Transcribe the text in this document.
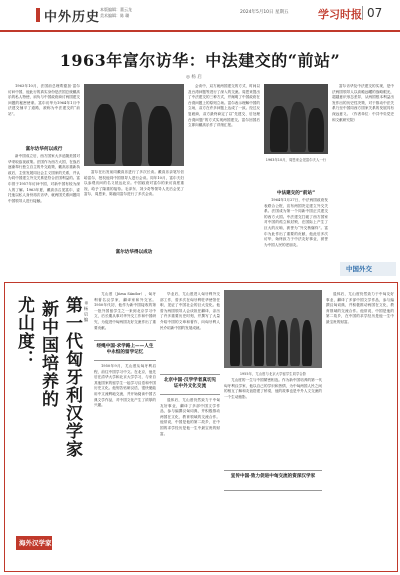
中外历史
本版编辑：董云龙
美术编辑：陈 璐
2024年5月10日 星期五	学习时报 07
1963年富尔访华：中法建交的“前站”
◎ 杨 启

1963年10月，法国前总理埃德加·富尔访问中国，他此行的真实身份是法国总统戴高乐的私人特使，肩负与中国政府商讨两国建交问题的秘密使命。富尔访华为1964年1月中法建交铺平了道路，被称为中法建交的“前站”。

富尔访华何以成行

新中国成立后，西方国家大多追随美国对华采取敌视政策。法国作为西方大国，在战后逐渐奉行独立自主的外交政策，戴高乐重新执政后，主张发展同社会主义国家的关系，并认为同中国建立外交关系是符合法国利益的。富尔曾于1957年访问中国，对新中国有较为深入的了解。1963年夏，戴高乐召见富尔，委托他以私人身份再次访华，就两国关系问题同中国领导人进行接触。

富尔在出发前同戴高乐进行了多次长谈。戴高乐亲笔写信给富尔，授权他同中国领导人进行会谈。同年10月，富尔夫妇以参观访问的名义抵达北京。中国政府对富尔的来访高度重视，给予了隆重的接待。毛泽东、刘少奇等领导人先后会见了富尔，周恩来、陈毅同富尔进行了多次会谈。

富尔访华得以成功

会谈中，双方就两国建交的方式、时间以及台湾问题等进行了深入的交流。周恩来提出了中法建交的三种方式，并阐明了中国政府在台湾问题上的原则立场。富尔表示理解中国的立场，双方在许多问题上达成了一致。经过反复磋商，双方最终商定了以“先建交、后处理台湾问题”的方式实现两国建交。富尔回国后立即向戴高乐作了详细汇报。

1963年10月，周恩来会见富尔夫人一行
中法建交的“前站”

1964年1月27日，中法两国政府发表联合公报，宣布两国决定建立外交关系。法国成为第一个同新中国正式建交的西方大国。中法建交打破了西方国家对中国的孤立和封锁，在国际上产生了巨大的反响，被誉为“外交核爆炸”。富尔为此作出了重要的贡献，他此后多次访华，始终致力于中法友好事业，被誉为中国人民的老朋友。

富尔访华及中法建交的实现，是中法两国领导人以高瞻远瞩的战略眼光，超越意识形态差异，从两国根本利益出发作出的历史性决策，对于推动中法关系乃至中国同西方国家关系的发展具有深远意义。（作者单位：中共中央党史和文献研究院）

中国外交
第一代匈牙利汉学家
新中国培养的
尤山度：	◎ 杨 启 编
海外汉学家

尤山度（Józsa Sándor），匈牙利著名汉学家、翻译家和外交官。1950年代初，他作为新中国接收的第一批外国留学生之一来到北京学习中文，后长期从事对华外交工作和中国研究，为促进中匈两国友好交流作出了重要贡献。

经绳中国·求学路上——人生中永恒的留学记忆

1950年9月，尤山度从匈牙利启程，前往中国学习中文。在北京，他先后在清华大学和北京大学学习，与来自其他国家的留学生一起学习汉语和中国历史文化。他刻苦钻研汉语，很快便能用中文流利地交流，并开始阅读中国古典文学作品，对中国文化产生了浓厚的兴趣。

毕业后，尤山度进入匈牙利外交部工作，曾多次在匈牙利驻华使馆任职，见证了中国社会的巨大变化。他曾为两国领导人会谈担任翻译，亲历了许多重要历史时刻，并撰写了大量介绍中国的文章和著作，向匈牙利人民介绍新中国的发展成就。

北京中国·汉学学者真切见证中外文化交流

退休后，尤山度仍然致力于中匈友好事业，翻译了多部中国文学作品，参与编撰汉匈词典，并积极推动两国在文化、教育领域的交流合作。他常说，中国是他的第二故乡，在中国的求学经历是他一生中最宝贵的财富。

1955年，尤山度与北京大学留学生同学合影
宣传中国·致力促进中匈交流的资深汉学家

尤山度的一生与中国紧密相连。作为新中国培养的第一代匈牙利汉学家，他以自己的学识和热情，为中匈两国人民之间的相互了解和友谊搭建了桥梁，他的故事也是中外人文交流的一个生动缩影。

退休后，尤山度仍然致力于中匈友好事业，翻译了多部中国文学作品，参与编撰汉匈词典，并积极推动两国在文化、教育领域的交流合作。他常说，中国是他的第二故乡，在中国的求学经历是他一生中最宝贵的财富。
